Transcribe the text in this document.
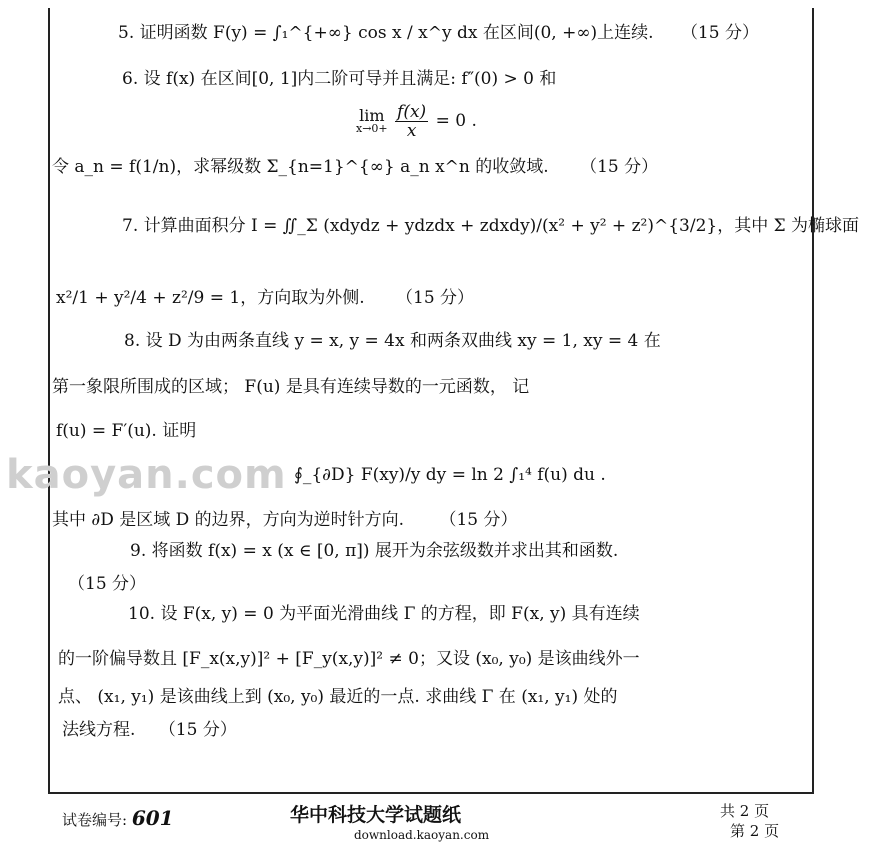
kaoyan.com
5. 证明函数 F(y) = ∫₁^{+∞} cos x / x^y dx 在区间(0, +∞)上连续. （15 分）
6. 设 f(x) 在区间[0, 1]内二阶可导并且满足: f″(0) > 0 和
lim
$x\to 0+ \frac{f(x)}{x} = 0$ .
令 a_n = f(1/n)，求幂级数 Σ_{n=1}^{∞} a_n x^n 的收敛域. （15 分）
7. 计算曲面积分 I = ∬_Σ (xdydz + ydzdx + zdxdy)/(x² + y² + z²)^{3/2}，其中 Σ 为椭球面
x²/1 + y²/4 + z²/9 = 1，方向取为外侧. （15 分）
8. 设 D 为由两条直线 y = x, y = 4x 和两条双曲线 xy = 1, xy = 4 在
第一象限所围成的区域； F(u) 是具有连续导数的一元函数， 记
f(u) = F′(u). 证明
∮_{∂D} F(xy)/y dy = ln 2 ∫₁⁴ f(u) du .
其中 ∂D 是区域 D 的边界，方向为逆时针方向. （15 分）
9. 将函数 f(x) = x (x ∈ [0, π]) 展开为余弦级数并求出其和函数.
（15 分）
10. 设 F(x, y) = 0 为平面光滑曲线 Γ 的方程，即 F(x, y) 具有连续
的一阶偏导数且 [F_x(x,y)]² + [F_y(x,y)]² ≠ 0；又设 (x₀, y₀) 是该曲线外一
点、 (x₁, y₁) 是该曲线上到 (x₀, y₀) 最近的一点. 求曲线 Γ 在 (x₁, y₁) 处的
法线方程. （15 分）
试卷编号: 601	华中科技大学试题纸
download.kaoyan.com
共 2 页
第 2 页
